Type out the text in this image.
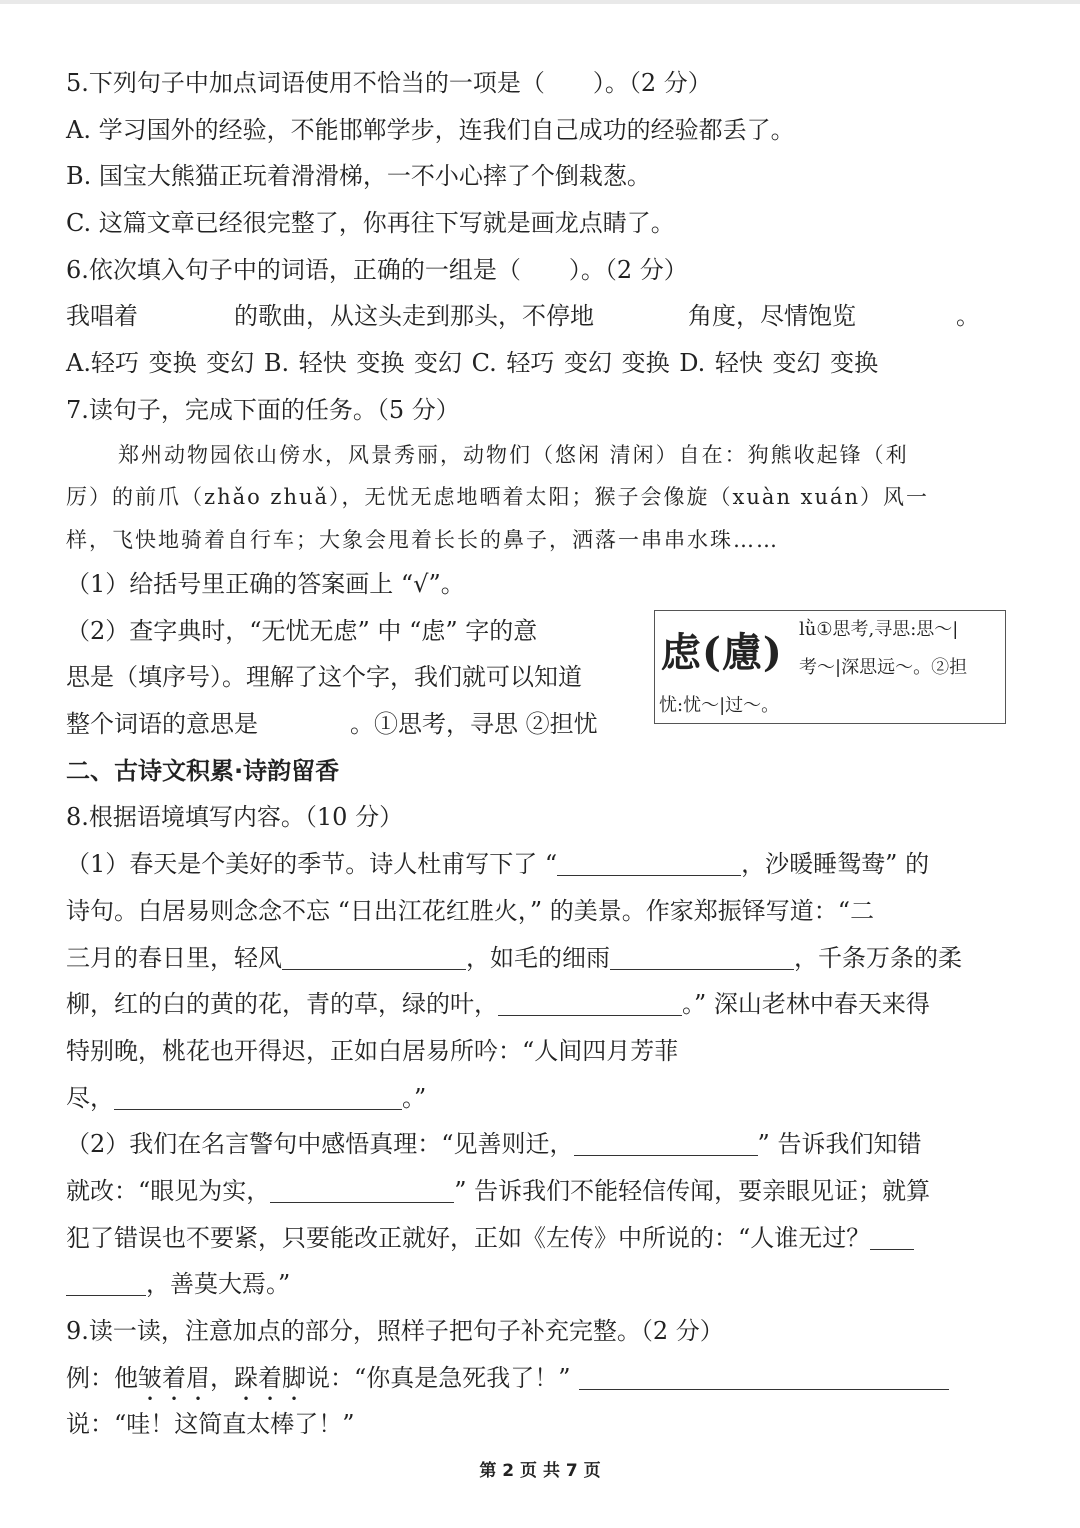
5.下列句子中加点词语使用不恰当的一项是（　　）。（2 分）
A. 学习国外的经验，不能邯郸学步，连我们自己成功的经验都丢了。
B. 国宝大熊猫正玩着滑滑梯，一不小心摔了个倒栽葱。
C. 这篇文章已经很完整了，你再往下写就是画龙点睛了。
6.依次填入句子中的词语，正确的一组是（　　）。（2 分）
我唱着	的歌曲，从这头走到那头，不停地	角度，尽情饱览	。
A.轻巧 变换 变幻 B. 轻快 变换 变幻 C. 轻巧 变幻 变换 D. 轻快 变幻 变换
7.读句子，完成下面的任务。（5 分）
郑州动物园依山傍水，风景秀丽，动物们（悠闲 清闲）自在：狗熊收起锋（利
厉）的前爪（zhǎo zhuǎ），无忧无虑地晒着太阳；猴子会像旋（xuàn xuán）风一
样，飞快地骑着自行车；大象会甩着长长的鼻子，洒落一串串水珠……
（1）给括号里正确的答案画上 “√”。
（2）查字典时，“无忧无虑” 中 “虑” 字的意
思是（填序号）。理解了这个字，我们就可以知道
整个词语的意思是	。①思考，寻思 ②担忧
虑(慮) lǜ①思考,寻思:思～|
考～|深思远～。②担
忧:忧～|过～。
二、古诗文积累·诗韵留香
8.根据语境填写内容。（10 分）
（1）春天是个美好的季节。诗人杜甫写下了 “	，沙暖睡鸳鸯” 的
诗句。白居易则念念不忘 “日出江花红胜火，” 的美景。作家郑振铎写道：“二
三月的春日里，轻风	，如毛的细雨	，千条万条的柔
柳，红的白的黄的花，青的草，绿的叶，	。” 深山老林中春天来得
特别晚，桃花也开得迟，正如白居易所吟：“人间四月芳菲
尽，	。”
（2）我们在名言警句中感悟真理：“见善则迁，	” 告诉我们知错
就改：“眼见为实，	” 告诉我们不能轻信传闻，要亲眼见证；就算
犯了错误也不要紧，只要能改正就好，正如《左传》中所说的：“人谁无过？
，善莫大焉。”
9.读一读，注意加点的部分，照样子把句子补充完整。（2 分）
例：他皱着眉，跺着脚说：“你真是急死我了！”
说：“哇！这简直太棒了！”
第 2 页 共 7 页
